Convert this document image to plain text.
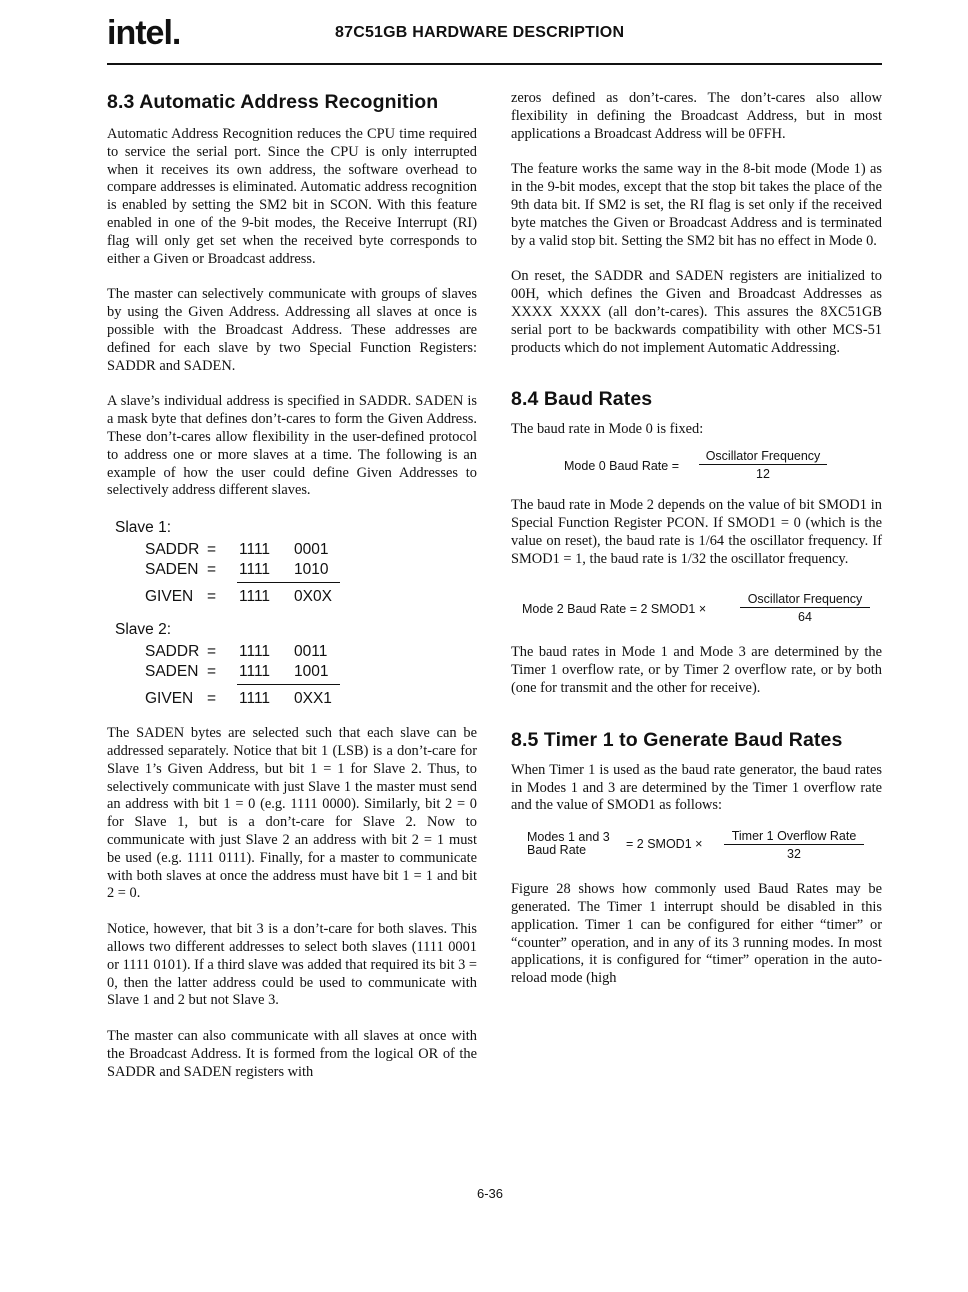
intel.	87C51GB HARDWARE DESCRIPTION
8.3 Automatic Address Recognition

Automatic Address Recognition reduces the CPU time required to service the serial port. Since the CPU is only interrupted when it receives its own address, the software overhead to compare addresses is eliminated. Automatic address recognition is enabled by setting the SM2 bit in SCON. With this feature enabled in one of the 9-bit modes, the Receive Interrupt (RI) flag will only get set when the received byte corresponds to either a Given or Broadcast address.

The master can selectively communicate with groups of slaves by using the Given Address. Addressing all slaves at once is possible with the Broadcast Address. These addresses are defined for each slave by two Special Function Registers: SADDR and SADEN.

A slave’s individual address is specified in SADDR. SADEN is a mask byte that defines don’t-cares to form the Given Address. These don’t-cares allow flexibility in the user-defined protocol to address one or more slaves at a time. The following is an example of how the user could define Given Addresses to selectively address different slaves.

Slave 1:
SADDR = 1111 0001
SADEN = 1111 1010
GIVEN = 1111 0X0X
Slave 2:
SADDR = 1111 0011
SADEN = 1111 1001
GIVEN = 1111 0XX1

The SADEN bytes are selected such that each slave can be addressed separately. Notice that bit 1 (LSB) is a don’t-care for Slave 1’s Given Address, but bit 1 = 1 for Slave 2. Thus, to selectively communicate with just Slave 1 the master must send an address with bit 1 = 0 (e.g. 1111 0000). Similarly, bit 2 = 0 for Slave 1, but is a don’t-care for Slave 2. Now to communicate with just Slave 2 an address with bit 2 = 1 must be used (e.g. 1111 0111). Finally, for a master to communicate with both slaves at once the address must have bit 1 = 1 and bit 2 = 0.

Notice, however, that bit 3 is a don’t-care for both slaves. This allows two different addresses to select both slaves (1111 0001 or 1111 0101). If a third slave was added that required its bit 3 = 0, then the latter address could be used to communicate with Slave 1 and 2 but not Slave 3.

The master can also communicate with all slaves at once with the Broadcast Address. It is formed from the logical OR of the SADDR and SADEN registers with

zeros defined as don’t-cares. The don’t-cares also allow flexibility in defining the Broadcast Address, but in most applications a Broadcast Address will be 0FFH.

The feature works the same way in the 8-bit mode (Mode 1) as in the 9-bit modes, except that the stop bit takes the place of the 9th data bit. If SM2 is set, the RI flag is set only if the received byte matches the Given or Broadcast Address and is terminated by a valid stop bit. Setting the SM2 bit has no effect in Mode 0.

On reset, the SADDR and SADEN registers are initialized to 00H, which defines the Given and Broadcast Addresses as XXXX XXXX (all don’t-cares). This assures the 8XC51GB serial port to be backwards compatibility with other MCS-51 products which do not implement Automatic Addressing.

8.4 Baud Rates

The baud rate in Mode 0 is fixed:

Mode 0 Baud Rate =
Oscillator Frequency
12

The baud rate in Mode 2 depends on the value of bit SMOD1 in Special Function Register PCON. If SMOD1 = 0 (which is the value on reset), the baud rate is 1/64 the oscillator frequency. If SMOD1 = 1, the baud rate is 1/32 the oscillator frequency.

Mode 2 Baud Rate = 2 SMOD1 ×
Oscillator Frequency
64

The baud rates in Mode 1 and Mode 3 are determined by the Timer 1 overflow rate, or by Timer 2 overflow rate, or by both (one for transmit and the other for receive).

8.5 Timer 1 to Generate Baud Rates

When Timer 1 is used as the baud rate generator, the baud rates in Modes 1 and 3 are determined by the Timer 1 overflow rate and the value of SMOD1 as follows:

Modes 1 and 3
Baud Rate	= 2 SMOD1 ×
Timer 1 Overflow Rate
32

Figure 28 shows how commonly used Baud Rates may be generated. The Timer 1 interrupt should be disabled in this application. Timer 1 can be configured for either “timer” or “counter” operation, and in any of its 3 running modes. In most applications, it is configured for “timer” operation in the auto-reload mode (high

6-36
